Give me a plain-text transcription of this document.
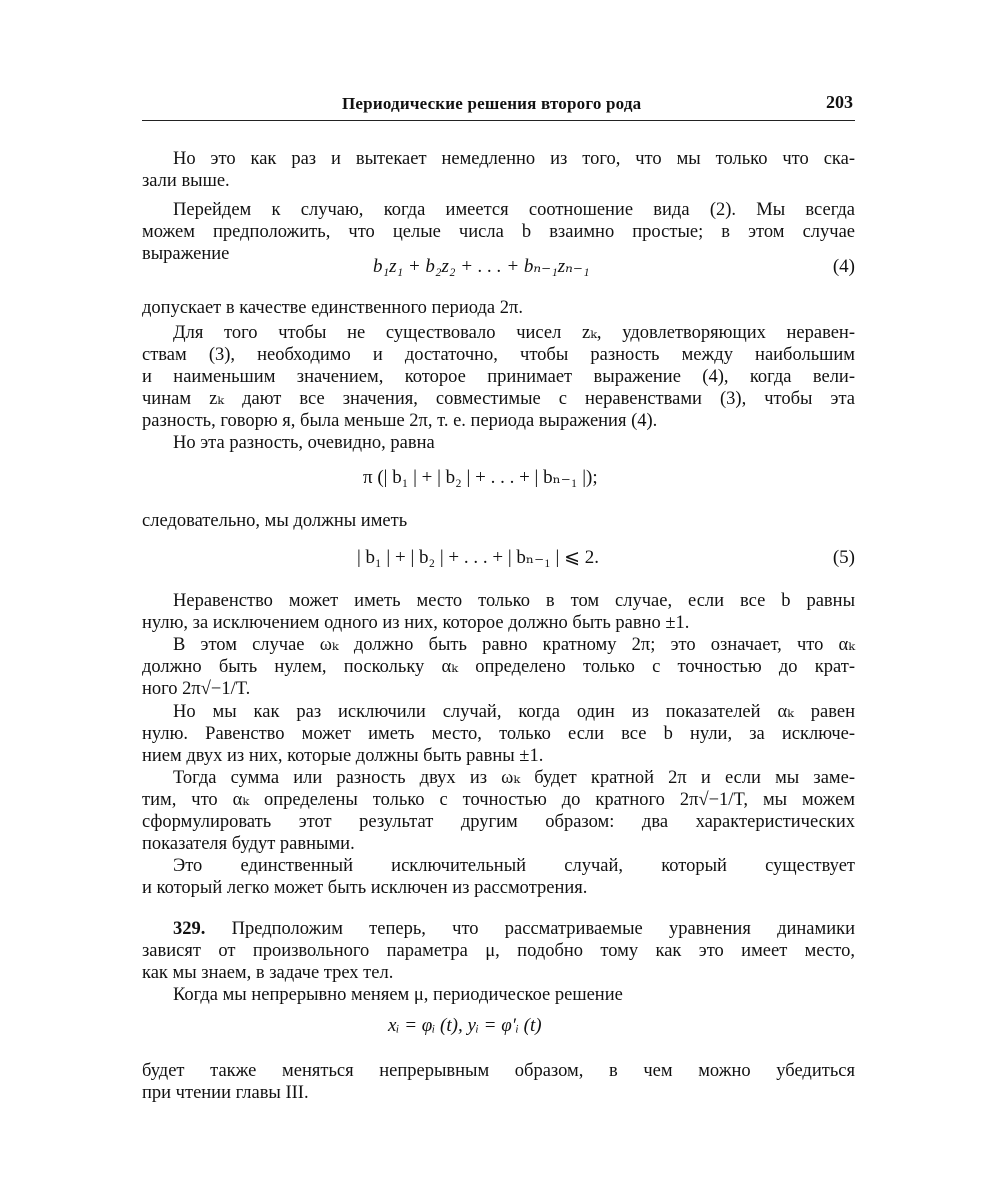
Периодические решения второго рода	203
Но это как раз и вытекает немедленно из того, что мы только что ска-
зали выше.
Перейдем к случаю, когда имеется соотношение вида (2). Мы всегда
можем предположить, что целые числа b взаимно простые; в этом случае
выражение
b₁z₁ + b₂z₂ + . . . + bₙ₋₁zₙ₋₁	(4)
допускает в качестве единственного периода 2π.
Для того чтобы не существовало чисел zₖ, удовлетворяющих неравен-
ствам (3), необходимо и достаточно, чтобы разность между наибольшим
и наименьшим значением, которое принимает выражение (4), когда вели-
чинам zₖ дают все значения, совместимые с неравенствами (3), чтобы эта
разность, говорю я, была меньше 2π, т. е. периода выражения (4).
Но эта разность, очевидно, равна
π (| b₁ | + | b₂ | + . . . + | bₙ₋₁ |);
следовательно, мы должны иметь
| b₁ | + | b₂ | + . . . + | bₙ₋₁ | ⩽ 2.	(5)
Неравенство может иметь место только в том случае, если все b равны
нулю, за исключением одного из них, которое должно быть равно ±1.
В этом случае ωₖ должно быть равно кратному 2π; это означает, что αₖ
должно быть нулем, поскольку αₖ определено только с точностью до крат-
ного 2π√−1/T.
Но мы как раз исключили случай, когда один из показателей αₖ равен
нулю. Равенство может иметь место, только если все b нули, за исключе-
нием двух из них, которые должны быть равны ±1.
Тогда сумма или разность двух из ωₖ будет кратной 2π и если мы заме-
тим, что αₖ определены только с точностью до кратного 2π√−1/T, мы можем
сформулировать этот результат другим образом: два характеристических
показателя будут равными.
Это единственный исключительный случай, который существует
и который легко может быть исключен из рассмотрения.
329. Предположим теперь, что рассматриваемые уравнения динамики
зависят от произвольного параметра μ, подобно тому как это имеет место,
как мы знаем, в задаче трех тел.
Когда мы непрерывно меняем μ, периодическое решение
xᵢ = φᵢ (t), yᵢ = φ′ᵢ (t)
будет также меняться непрерывным образом, в чем можно убедиться
при чтении главы III.
